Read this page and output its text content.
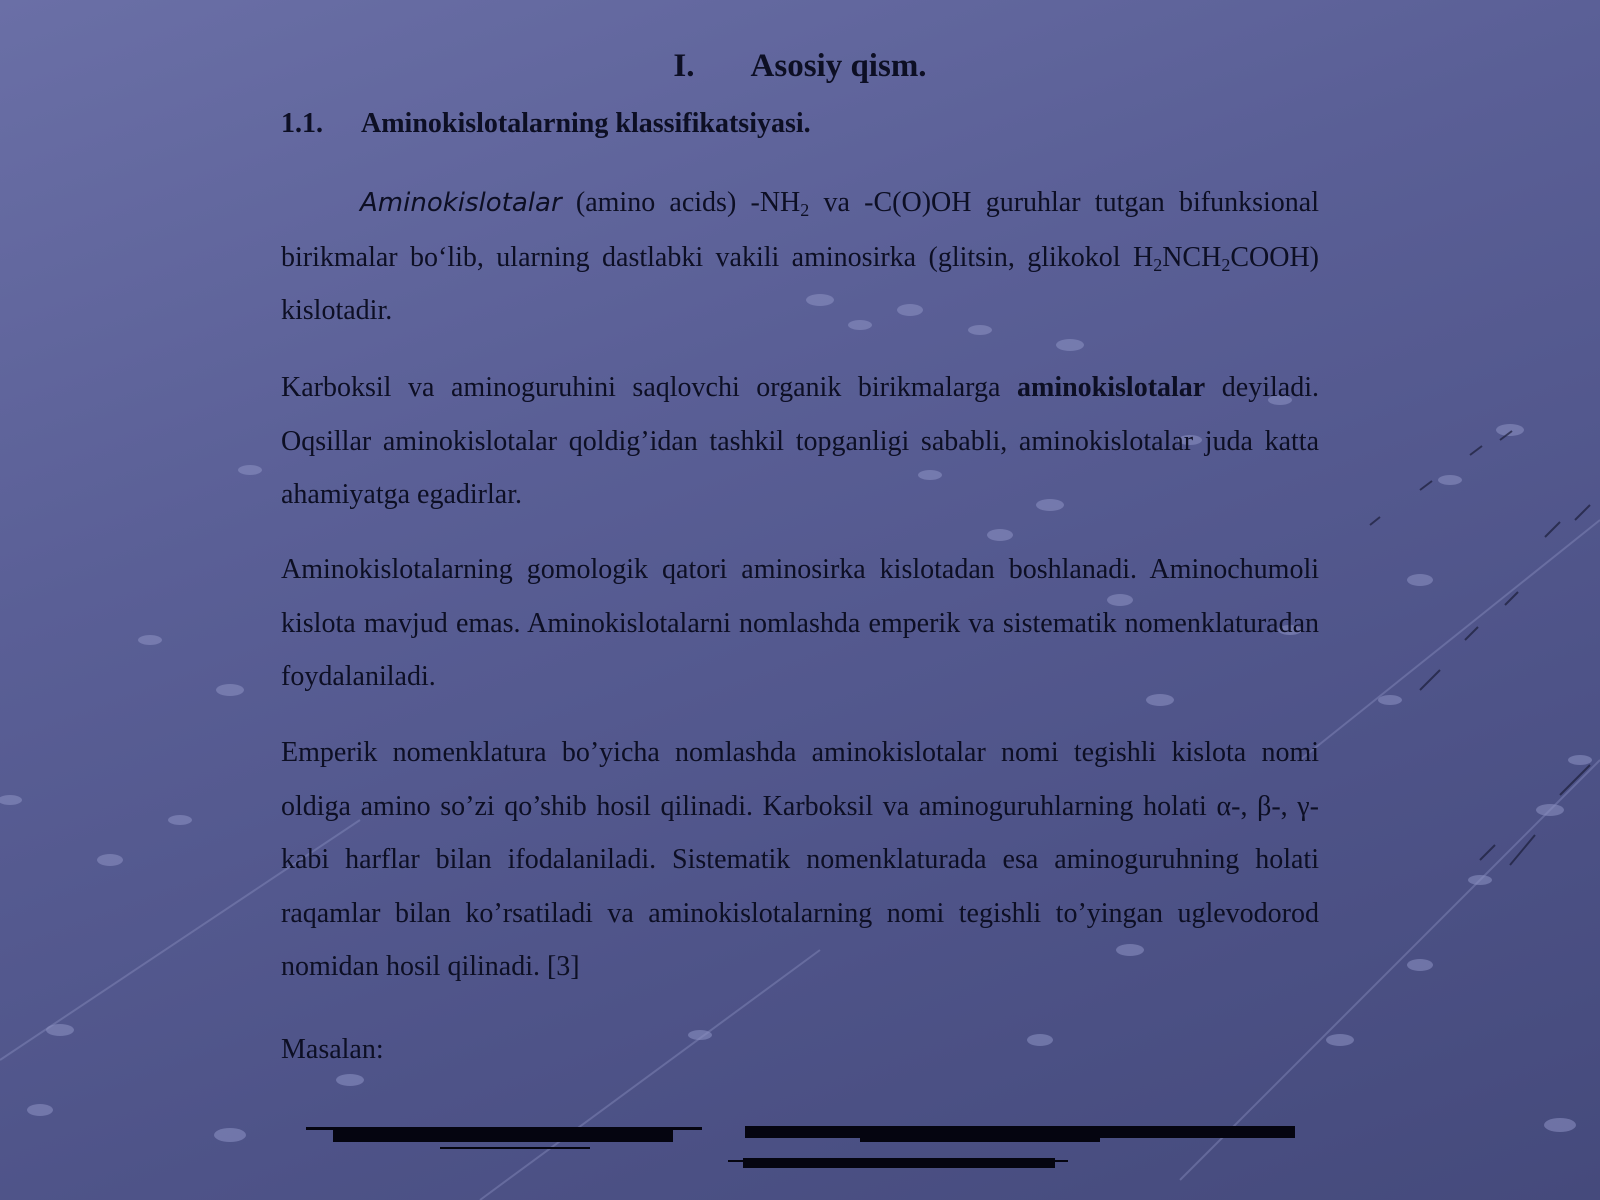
I. Asosiy qism.
1.1. Aminokislotalarning klassifikatsiyasi.
Aminokislotalar (amino acids) $-NH_2$ va -C(O)OH guruhlar tutgan bifunksional birikmalar bo‘lib, ularning dastlabki vakili aminosirka (glitsin, glikokol $H_2NCH_2COOH$) kislotadir.
Karboksil va aminoguruhini saqlovchi organik birikmalarga aminokislotalar deyiladi. Oqsillar aminokislotalar qoldig’idan tashkil topganligi sababli, aminokislotalar juda katta ahamiyatga egadirlar.
Aminokislotalarning gomologik qatori aminosirka kislotadan boshlanadi. Aminochumoli kislota mavjud emas. Aminokislotalarni nomlashda emperik va sistematik nomenklaturadan foydalaniladi.
Emperik nomenklatura bo’yicha nomlashda aminokislotalar nomi tegishli kislota nomi oldiga amino so’zi qo’shib hosil qilinadi. Karboksil va aminoguruhlarning holati α-, β-, γ- kabi harflar bilan ifodalaniladi. Sistematik nomenklaturada esa aminoguruhning holati raqamlar bilan ko’rsatiladi va aminokislotalarning nomi tegishli to’yingan uglevodorod nomidan hosil qilinadi. [3]
Masalan:
